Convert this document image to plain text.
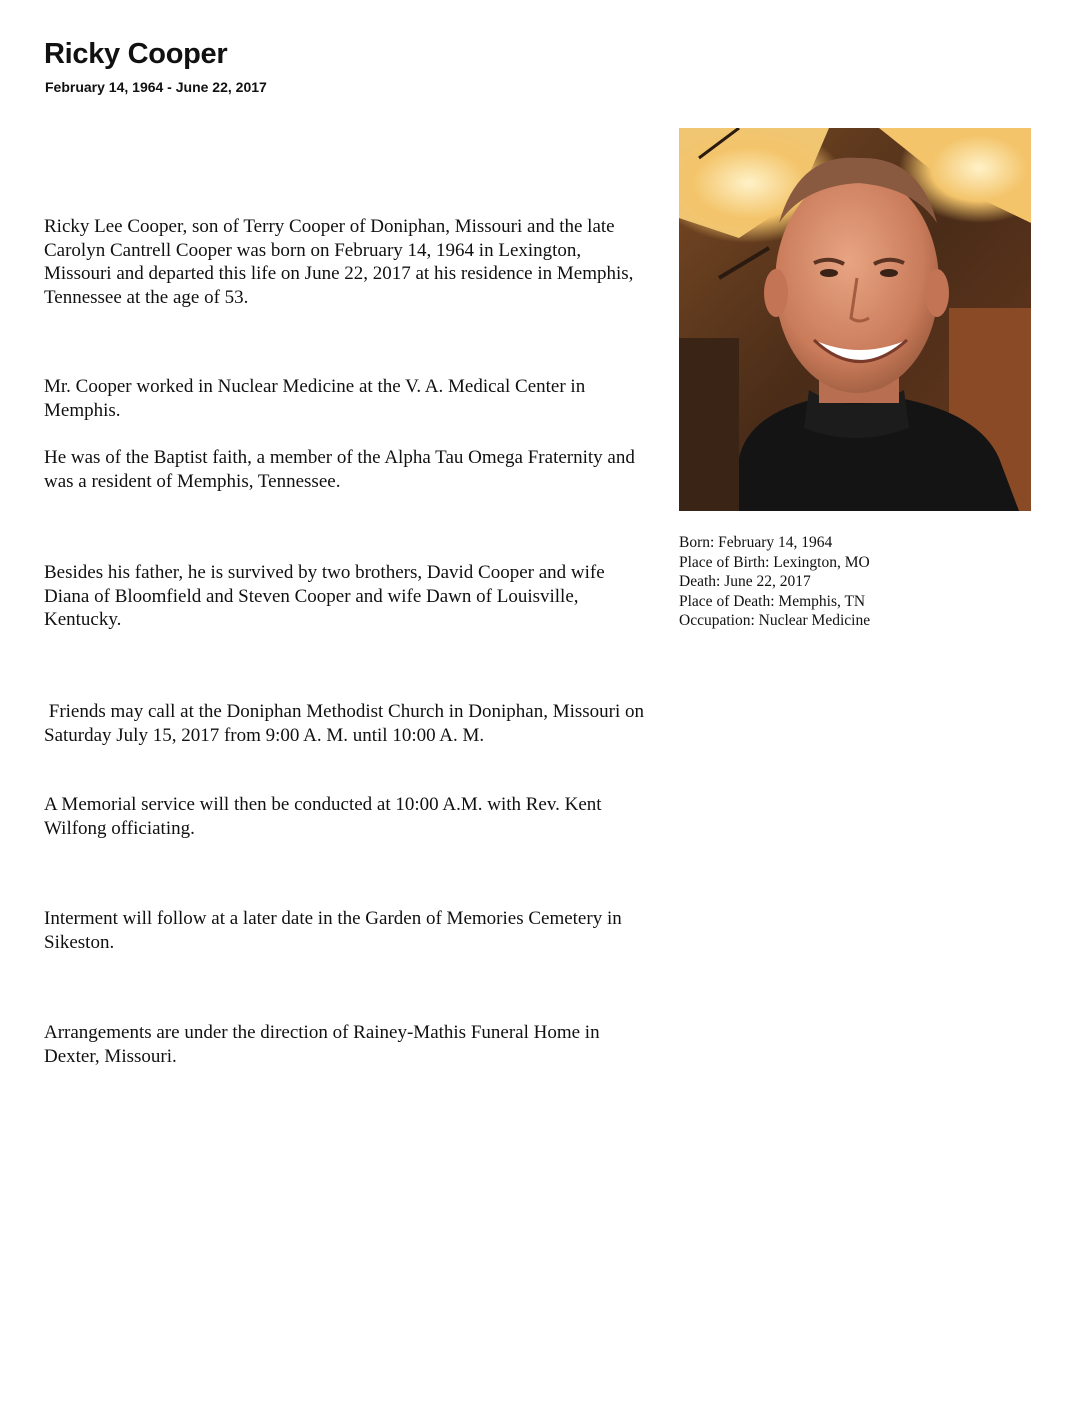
Ricky Cooper

February 14, 1964 - June 22, 2017

Ricky Lee Cooper, son of Terry Cooper of Doniphan, Missouri and the late Carolyn Cantrell Cooper was born on February 14, 1964 in Lexington, Missouri and departed this life on June 22, 2017 at his residence in Memphis, Tennessee at the age of 53.

Mr. Cooper worked in Nuclear Medicine at the V. A. Medical Center in Memphis.

He was of the Baptist faith, a member of the Alpha Tau Omega Fraternity and was a resident of Memphis, Tennessee.

Besides his father, he is survived by two brothers, David Cooper and wife Diana of Bloomfield and Steven Cooper and wife Dawn of Louisville, Kentucky.

Friends may call at the Doniphan Methodist Church in Doniphan, Missouri on Saturday July 15, 2017 from 9:00 A. M. until 10:00 A. M.

A Memorial service will then be conducted at 10:00 A.M. with Rev. Kent Wilfong officiating.

Interment will follow at a later date in the Garden of Memories Cemetery in Sikeston.

Arrangements are under the direction of Rainey-Mathis Funeral Home in Dexter, Missouri.

Born: February 14, 1964
Place of Birth: Lexington, MO
Death: June 22, 2017
Place of Death: Memphis, TN
Occupation: Nuclear Medicine
